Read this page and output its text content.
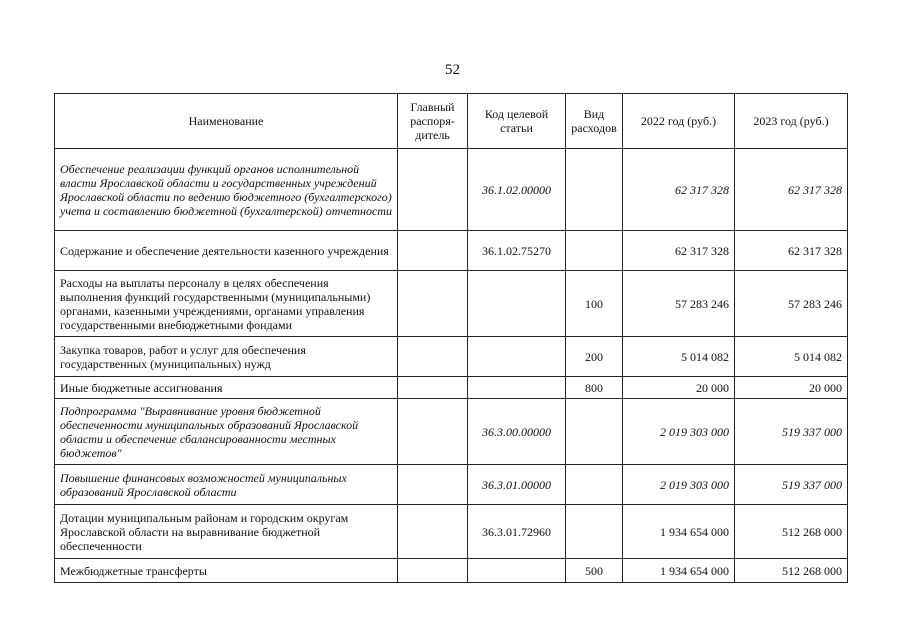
52
Наименование	Главный распоря-дитель	Код целевой статьи	Вид расходов	2022 год (руб.)	2023 год (руб.)
Обеспечение реализации функций органов исполнительной власти Ярославской области и государственных учреждений Ярославской области по ведению бюджетного (бухгалтерского) учета и составлению бюджетной (бухгалтерской) отчетности		36.1.02.00000		62 317 328	62 317 328
Содержание и обеспечение деятельности казенного учреждения		36.1.02.75270		62 317 328	62 317 328
Расходы на выплаты персоналу в целях обеспечения выполнения функций государственными (муниципальными) органами, казенными учреждениями, органами управления государственными внебюджетными фондами			100	57 283 246	57 283 246
Закупка товаров, работ и услуг для обеспечения государственных (муниципальных) нужд			200	5 014 082	5 014 082
Иные бюджетные ассигнования			800	20 000	20 000
Подпрограмма "Выравнивание уровня бюджетной обеспеченности муниципальных образований Ярославской области и обеспечение сбалансированности местных бюджетов"		36.3.00.00000		2 019 303 000	519 337 000
Повышение финансовых возможностей муниципальных образований Ярославской области		36.3.01.00000		2 019 303 000	519 337 000
Дотации муниципальным районам и городским округам Ярославской области на выравнивание бюджетной обеспеченности		36.3.01.72960		1 934 654 000	512 268 000
Межбюджетные трансферты			500	1 934 654 000	512 268 000
